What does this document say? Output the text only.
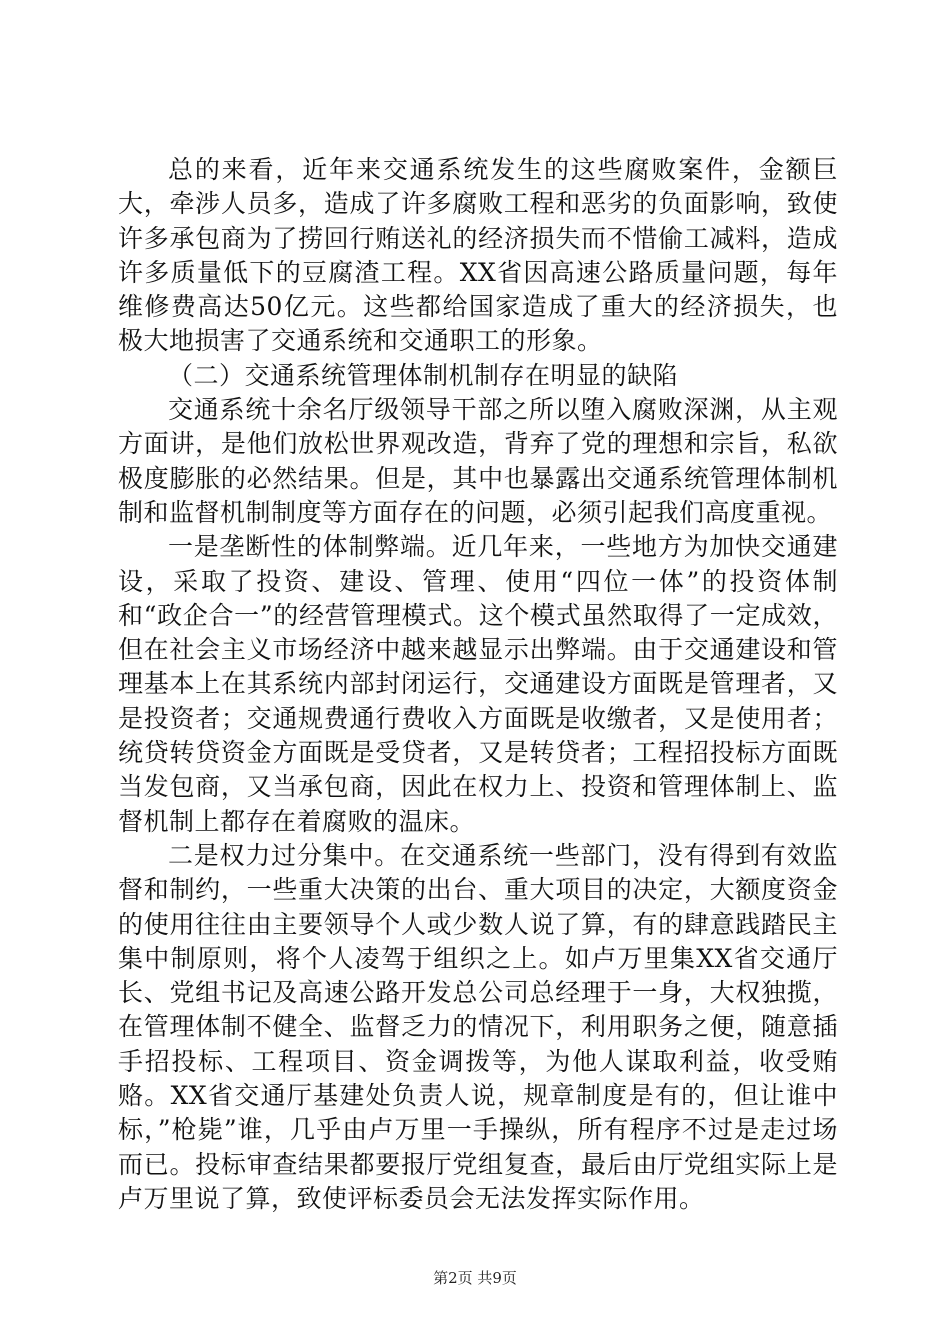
总的来看，近年来交通系统发生的这些腐败案件，金额巨大，牵涉人员多，造成了许多腐败工程和恶劣的负面影响，致使许多承包商为了捞回行贿送礼的经济损失而不惜偷工减料，造成许多质量低下的豆腐渣工程。XX省因高速公路质量问题，每年维修费高达50亿元。这些都给国家造成了重大的经济损失，也极大地损害了交通系统和交通职工的形象。

（二）交通系统管理体制机制存在明显的缺陷

交通系统十余名厅级领导干部之所以堕入腐败深渊，从主观方面讲，是他们放松世界观改造，背弃了党的理想和宗旨，私欲极度膨胀的必然结果。但是，其中也暴露出交通系统管理体制机制和监督机制制度等方面存在的问题，必须引起我们高度重视。

一是垄断性的体制弊端。近几年来，一些地方为加快交通建设，采取了投资、建设、管理、使用“四位一体”的投资体制和“政企合一”的经营管理模式。这个模式虽然取得了一定成效，但在社会主义市场经济中越来越显示出弊端。由于交通建设和管理基本上在其系统内部封闭运行，交通建设方面既是管理者，又是投资者；交通规费通行费收入方面既是收缴者，又是使用者；统贷转贷资金方面既是受贷者，又是转贷者；工程招投标方面既当发包商，又当承包商，因此在权力上、投资和管理体制上、监督机制上都存在着腐败的温床。

二是权力过分集中。在交通系统一些部门，没有得到有效监督和制约，一些重大决策的出台、重大项目的决定，大额度资金的使用往往由主要领导个人或少数人说了算，有的肆意践踏民主集中制原则，将个人凌驾于组织之上。如卢万里集XX省交通厅长、党组书记及高速公路开发总公司总经理于一身，大权独揽，在管理体制不健全、监督乏力的情况下，利用职务之便，随意插手招投标、工程项目、资金调拨等，为他人谋取利益，收受贿赂。XX省交通厅基建处负责人说，规章制度是有的，但让谁中标，”枪毙”谁，几乎由卢万里一手操纵，所有程序不过是走过场而已。投标审查结果都要报厅党组复查，最后由厅党组实际上是卢万里说了算，致使评标委员会无法发挥实际作用。

第2页 共9页
